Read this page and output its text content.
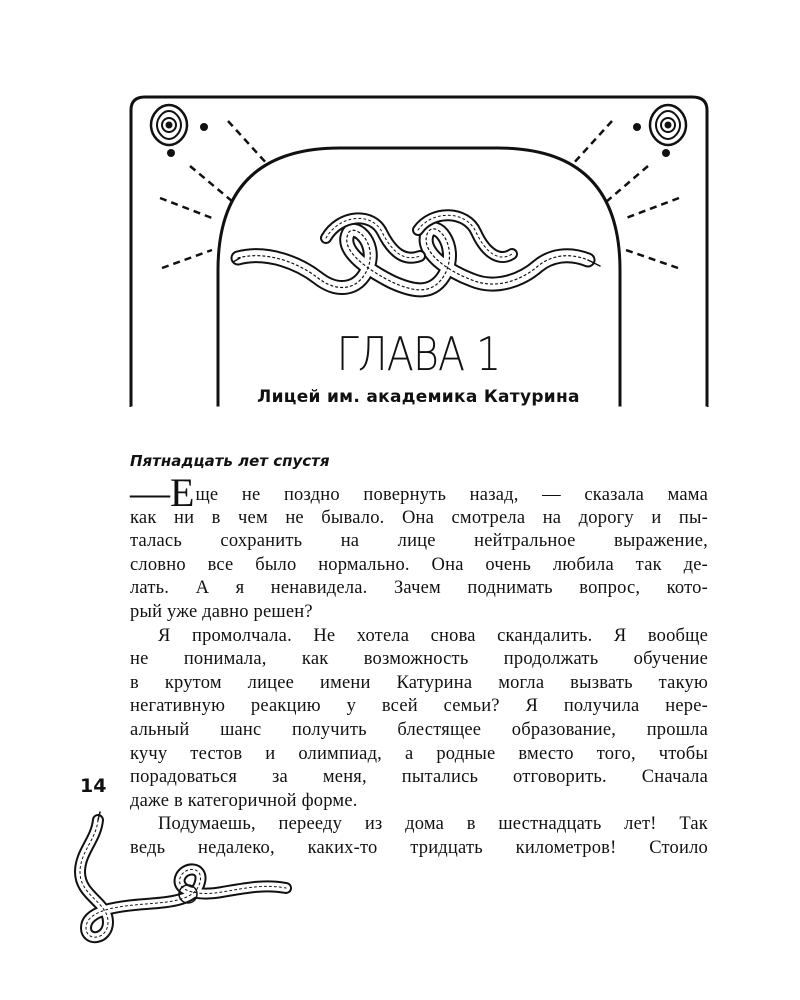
ГЛАВА 1
Лицей им. академика Катурина
Пятнадцать лет спустя
—Еще не поздно повернуть назад, — сказала мама
как ни в чем не бывало. Она смотрела на дорогу и пы-
талась сохранить на лице нейтральное выражение,
словно все было нормально. Она очень любила так де-
лать. А я ненавидела. Зачем поднимать вопрос, кото-
рый уже давно решен?
Я промолчала. Не хотела снова скандалить. Я вообще
не понимала, как возможность продолжать обучение
в крутом лицее имени Катурина могла вызвать такую
негативную реакцию у всей семьи? Я получила нере-
альный шанс получить блестящее образование, прошла
кучу тестов и олимпиад, а родные вместо того, чтобы
порадоваться за меня, пытались отговорить. Сначала
даже в категоричной форме.
Подумаешь, перееду из дома в шестнадцать лет! Так
ведь недалеко, каких-то тридцать километров! Стоило
14
